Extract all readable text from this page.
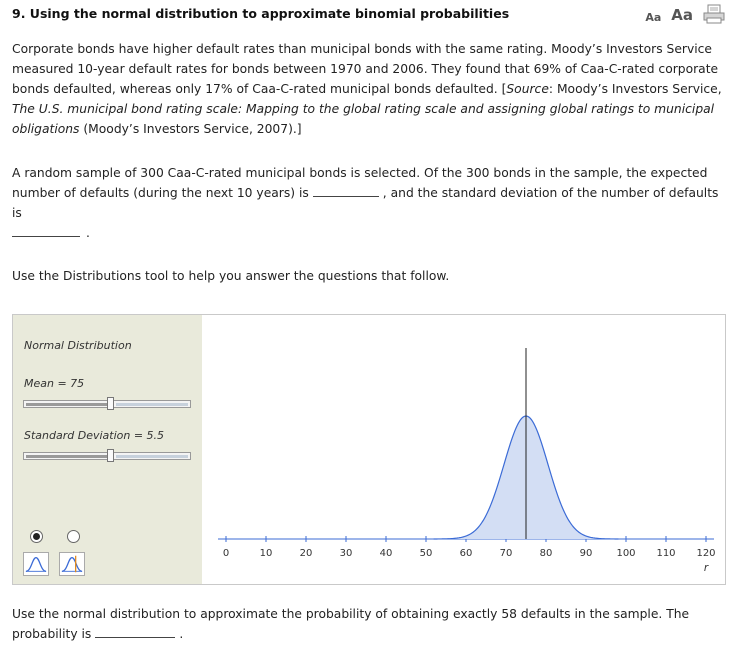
9. Using the normal distribution to approximate binomial probabilities	Aa Aa

Corporate bonds have higher default rates than municipal bonds with the same rating. Moody’s Investors Service measured 10-year default rates for bonds between 1970 and 2006. They found that 69% of Caa-C-rated corporate bonds defaulted, whereas only 17% of Caa-C-rated municipal bonds defaulted. [Source: Moody’s Investors Service, The U.S. municipal bond rating scale: Mapping to the global rating scale and assigning global ratings to municipal obligations (Moody’s Investors Service, 2007).]

A random sample of 300 Caa-C-rated municipal bonds is selected. Of the 300 bonds in the sample, the expected number of defaults (during the next 10 years) is	, and the standard deviation of the number of defaults is
.

Use the Distributions tool to help you answer the questions that follow.

Normal Distribution
Mean = 75
Standard Deviation = 5.5
0	10	20	30	40	50	60	70	80	90 100 110 120
r

Use the normal distribution to approximate the probability of obtaining exactly 58 defaults in the sample. The probability is	.
